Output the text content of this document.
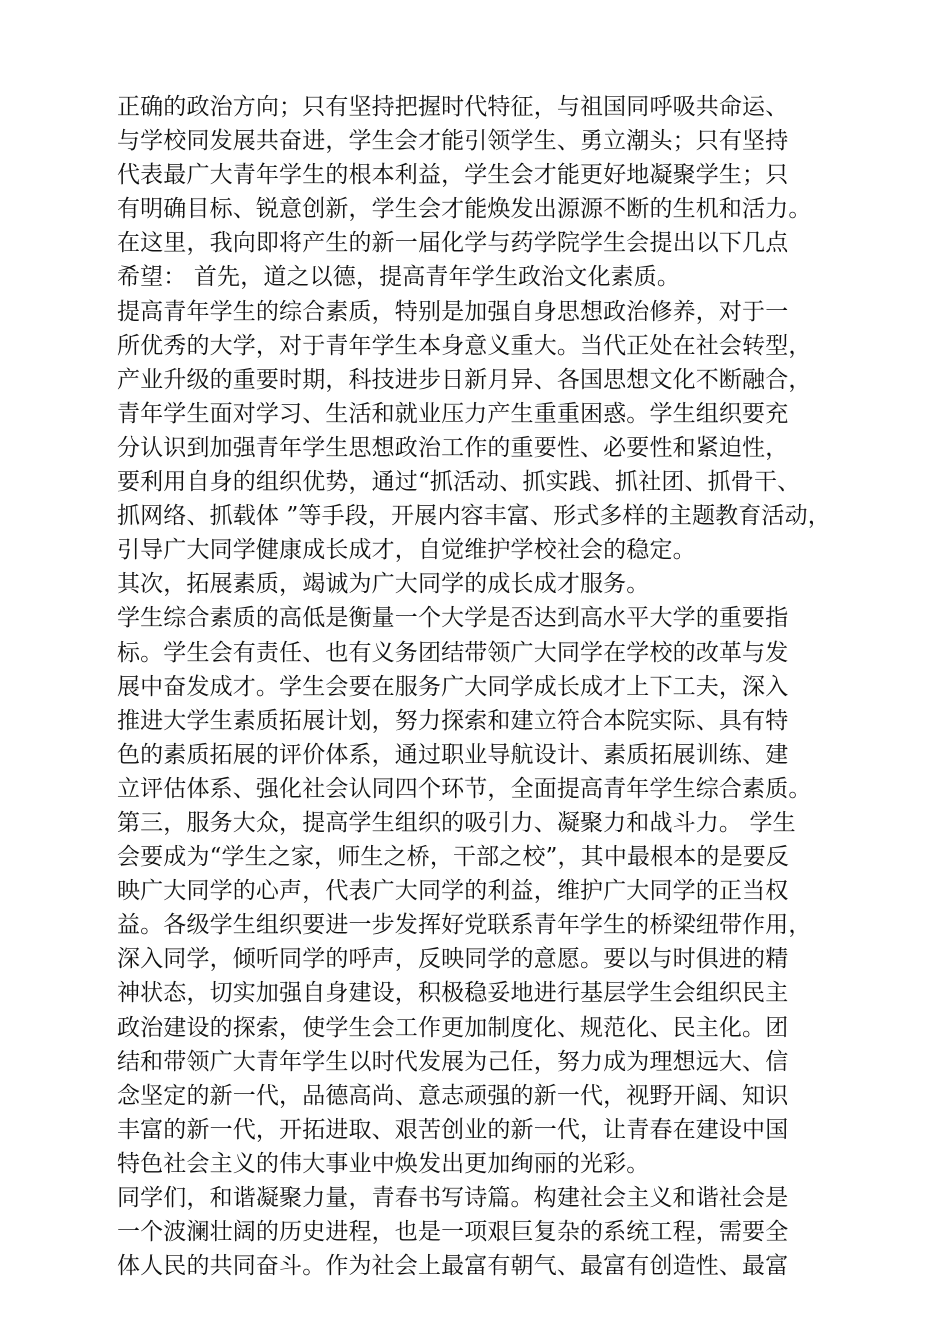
正确的政治方向；只有坚持把握时代特征，与祖国同呼吸共命运、
与学校同发展共奋进，学生会才能引领学生、勇立潮头；只有坚持
代表最广大青年学生的根本利益，学生会才能更好地凝聚学生；只
有明确目标、锐意创新，学生会才能焕发出源源不断的生机和活力。
在这里，我向即将产生的新一届化学与药学院学生会提出以下几点
希望： 首先，道之以德，提高青年学生政治文化素质。
提高青年学生的综合素质，特别是加强自身思想政治修养，对于一
所优秀的大学，对于青年学生本身意义重大。当代正处在社会转型，
产业升级的重要时期，科技进步日新月异、各国思想文化不断融合，
青年学生面对学习、生活和就业压力产生重重困惑。学生组织要充
分认识到加强青年学生思想政治工作的重要性、必要性和紧迫性，
要利用自身的组织优势，通过“抓活动、抓实践、抓社团、抓骨干、
抓网络、抓载体 ”等手段，开展内容丰富、形式多样的主题教育活动，
引导广大同学健康成长成才，自觉维护学校社会的稳定。
其次，拓展素质，竭诚为广大同学的成长成才服务。
学生综合素质的高低是衡量一个大学是否达到高水平大学的重要指
标。学生会有责任、也有义务团结带领广大同学在学校的改革与发
展中奋发成才。学生会要在服务广大同学成长成才上下工夫，深入
推进大学生素质拓展计划，努力探索和建立符合本院实际、具有特
色的素质拓展的评价体系，通过职业导航设计、素质拓展训练、建
立评估体系、强化社会认同四个环节，全面提高青年学生综合素质。
第三，服务大众，提高学生组织的吸引力、凝聚力和战斗力。 学生
会要成为“学生之家，师生之桥，干部之校”，其中最根本的是要反
映广大同学的心声，代表广大同学的利益，维护广大同学的正当权
益。各级学生组织要进一步发挥好党联系青年学生的桥梁纽带作用，
深入同学，倾听同学的呼声，反映同学的意愿。要以与时俱进的精
神状态，切实加强自身建设，积极稳妥地进行基层学生会组织民主
政治建设的探索，使学生会工作更加制度化、规范化、民主化。团
结和带领广大青年学生以时代发展为己任，努力成为理想远大、信
念坚定的新一代，品德高尚、意志顽强的新一代，视野开阔、知识
丰富的新一代，开拓进取、艰苦创业的新一代，让青春在建设中国
特色社会主义的伟大事业中焕发出更加绚丽的光彩。
同学们，和谐凝聚力量，青春书写诗篇。构建社会主义和谐社会是
一个波澜壮阔的历史进程，也是一项艰巨复杂的系统工程，需要全
体人民的共同奋斗。作为社会上最富有朝气、最富有创造性、最富
